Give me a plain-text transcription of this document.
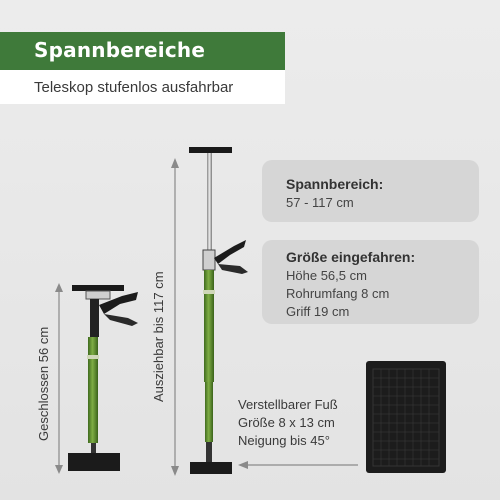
Spannbereiche
Teleskop stufenlos ausfahrbar
Spannbereich:
57 - 117 cm
Größe eingefahren:
Höhe 56,5 cm
Rohrumfang 8 cm
Griff 19 cm
Geschlossen 56 cm	Ausziehbar bis 117 cm
Verstellbarer Fuß
Größe 8 x 13 cm
Neigung bis 45°
